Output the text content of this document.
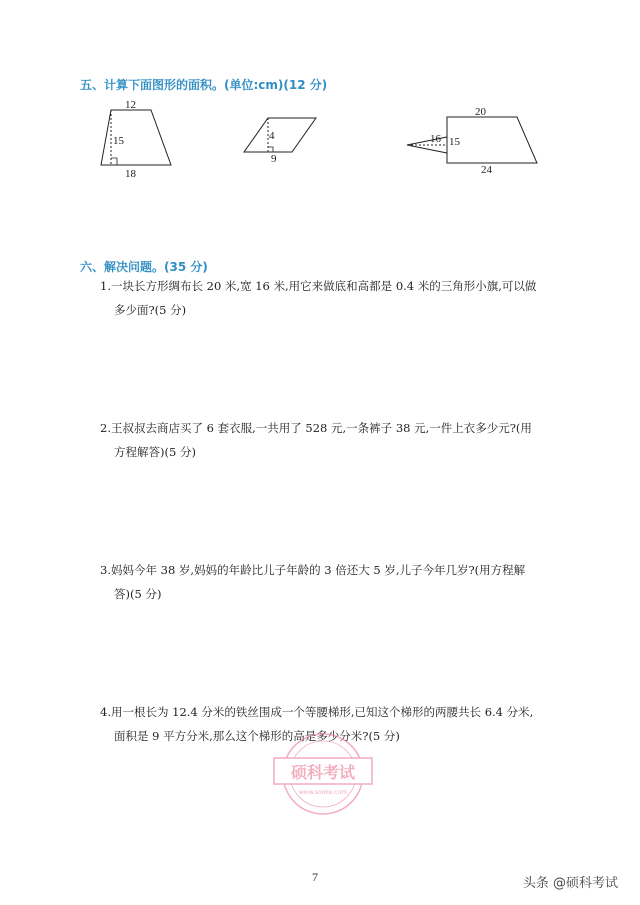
五、计算下面图形的面积。(单位:cm)(12 分)
12
15
18
4
9
20
16 15
24
六、解决问题。(35 分)
1.一块长方形绸布长 20 米,宽 16 米,用它来做底和高都是 0.4 米的三角形小旗,可以做
多少面?(5 分)
2.王叔叔去商店买了 6 套衣服,一共用了 528 元,一条裤子 38 元,一件上衣多少元?(用
方程解答)(5 分)
3.妈妈今年 38 岁,妈妈的年龄比儿子年龄的 3 倍还大 5 岁,儿子今年几岁?(用方程解
答)(5 分)
4.用一根长为 12.4 分米的铁丝围成一个等腰梯形,已知这个梯形的两腰共长 6.4 分米,
面积是 9 平方分米,那么这个梯形的高是多少分米?(5 分)
硕科考试
www.sooke.com
7	头条 @硕科考试
